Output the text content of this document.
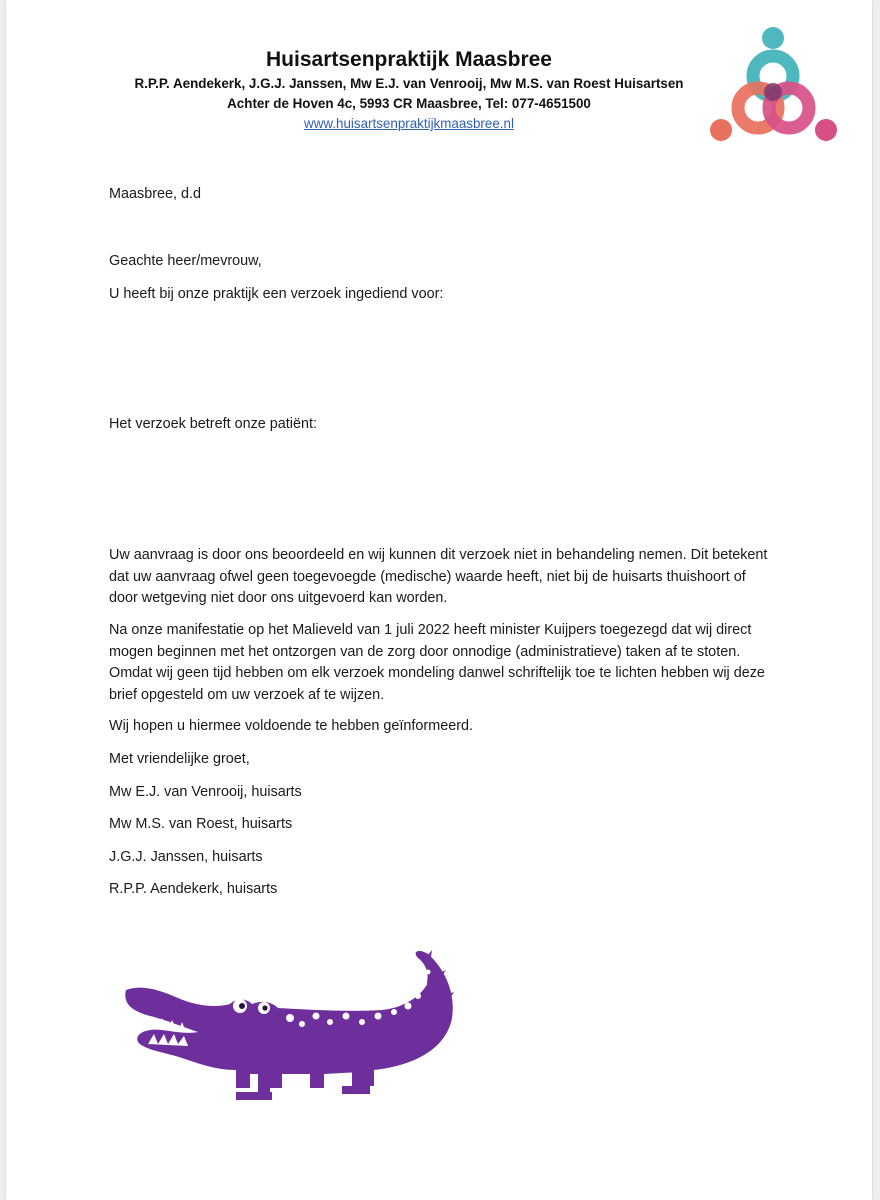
Huisartsenpraktijk Maasbree
R.P.P. Aendekerk, J.G.J. Janssen, Mw E.J. van Venrooij, Mw M.S. van Roest Huisartsen
Achter de Hoven 4c, 5993 CR Maasbree, Tel: 077-4651500
www.huisartsenpraktijkmaasbree.nl
Maasbree, d.d
Geachte heer/mevrouw,
U heeft bij onze praktijk een verzoek ingediend voor:
Het verzoek betreft onze patiënt:
Uw aanvraag is door ons beoordeeld en wij kunnen dit verzoek niet in behandeling nemen. Dit betekent dat uw aanvraag ofwel geen toegevoegde (medische) waarde heeft, niet bij de huisarts thuishoort of door wetgeving niet door ons uitgevoerd kan worden.
Na onze manifestatie op het Malieveld van 1 juli 2022 heeft minister Kuijpers toegezegd dat wij direct mogen beginnen met het ontzorgen van de zorg door onnodige (administratieve) taken af te stoten. Omdat wij geen tijd hebben om elk verzoek mondeling danwel schriftelijk toe te lichten hebben wij deze brief opgesteld om uw verzoek af te wijzen.
Wij hopen u hiermee voldoende te hebben geïnformeerd.
Met vriendelijke groet,
Mw E.J. van Venrooij, huisarts
Mw M.S. van Roest, huisarts
J.G.J. Janssen, huisarts
R.P.P. Aendekerk, huisarts
